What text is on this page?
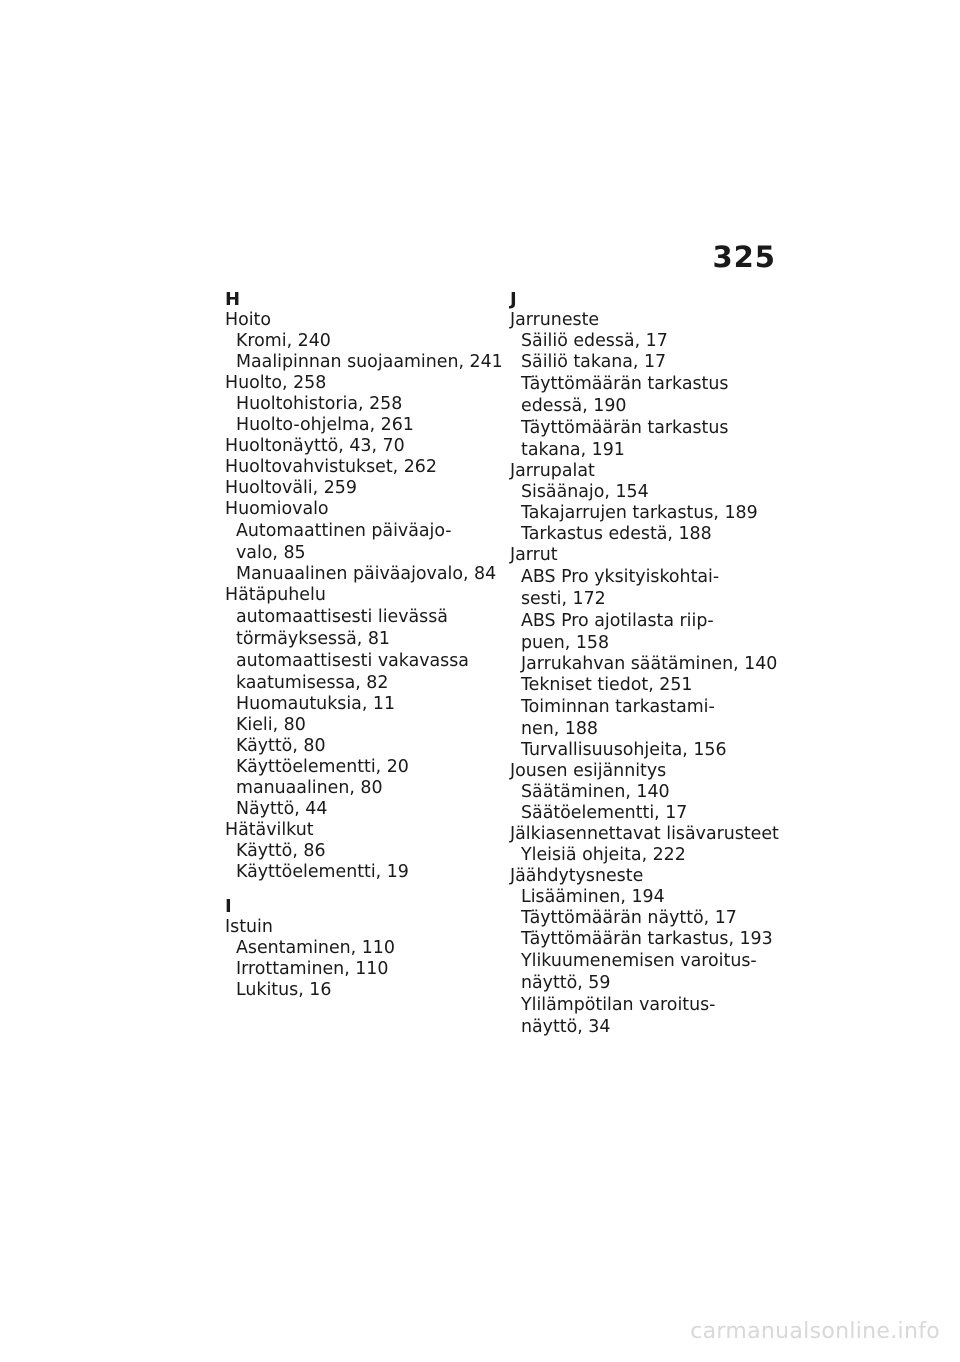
325
H
Hoito
Kromi, 240
Maalipinnan suojaaminen, 241
Huolto, 258
Huoltohistoria, 258
Huolto-ohjelma, 261
Huoltonäyttö, 43, 70
Huoltovahvistukset, 262
Huoltoväli, 259
Huomiovalo
Automaattinen päiväajo-
valo, 85
Manuaalinen päiväajovalo, 84
Hätäpuhelu
automaattisesti lievässä
törmäyksessä, 81
automaattisesti vakavassa
kaatumisessa, 82
Huomautuksia, 11
Kieli, 80
Käyttö, 80
Käyttöelementti, 20
manuaalinen, 80
Näyttö, 44
Hätävilkut
Käyttö, 86
Käyttöelementti, 19
I
Istuin
Asentaminen, 110
Irrottaminen, 110
Lukitus, 16
J
Jarruneste
Säiliö edessä, 17
Säiliö takana, 17
Täyttömäärän tarkastus
edessä, 190
Täyttömäärän tarkastus
takana, 191
Jarrupalat
Sisäänajo, 154
Takajarrujen tarkastus, 189
Tarkastus edestä, 188
Jarrut
ABS Pro yksityiskohtai-
sesti, 172
ABS Pro ajotilasta riip-
puen, 158
Jarrukahvan säätäminen, 140
Tekniset tiedot, 251
Toiminnan tarkastami-
nen, 188
Turvallisuusohjeita, 156
Jousen esijännitys
Säätäminen, 140
Säätöelementti, 17
Jälkiasennettavat lisävarusteet
Yleisiä ohjeita, 222
Jäähdytysneste
Lisääminen, 194
Täyttömäärän näyttö, 17
Täyttömäärän tarkastus, 193
Ylikuumenemisen varoitus-
näyttö, 59
Ylilämpötilan varoitus-
näyttö, 34
carmanualsonline.info
